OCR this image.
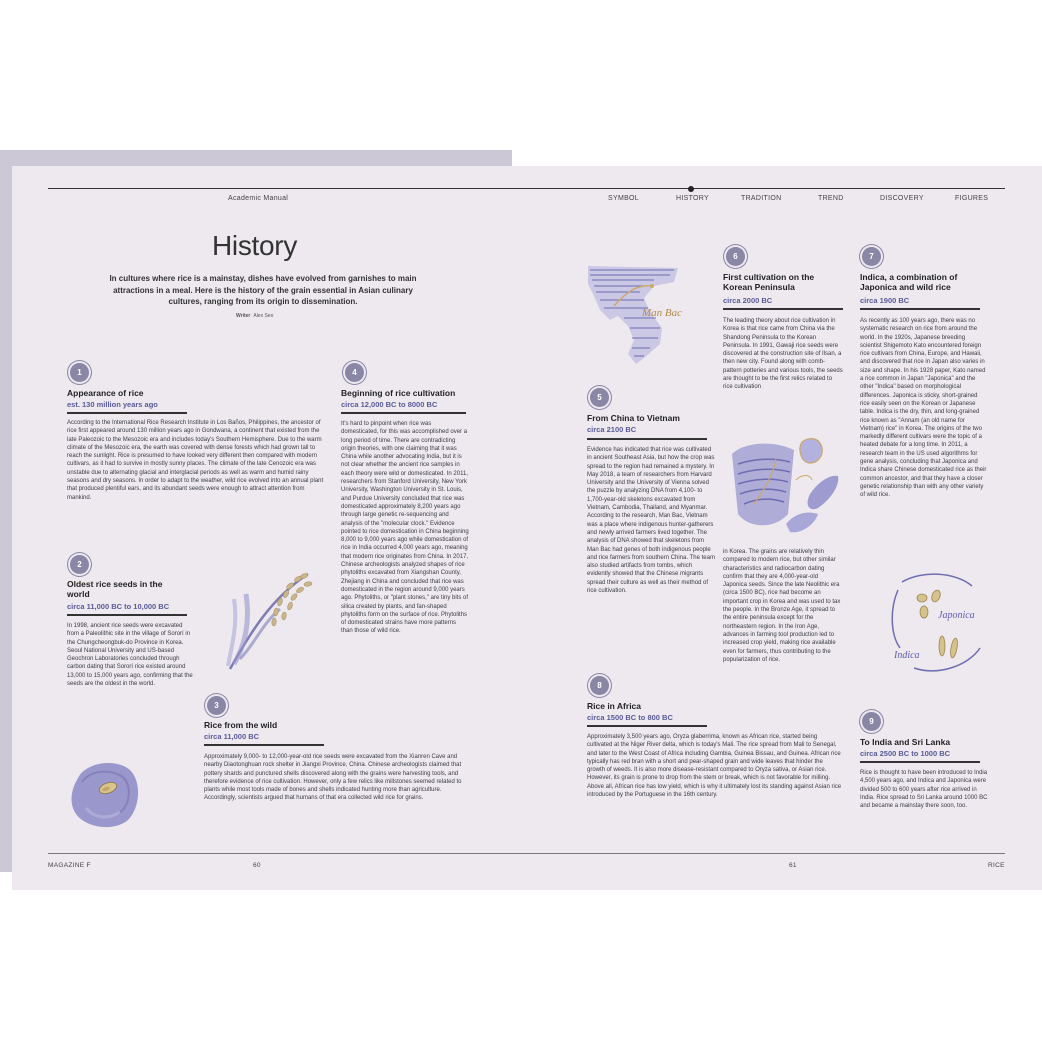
Academic Manual	SYMBOL	HISTORY	TRADITION	TREND	DISCOVERY	FIGURES
History
In cultures where rice is a mainstay, dishes have evolved from garnishes to main attractions in a meal. Here is the history of the grain essential in Asian culinary cultures, ranging from its origin to dissemination.
Writer Alex Seo
1
Appearance of rice
est. 130 million years ago
According to the International Rice Research Institute in Los Baños, Philippines, the ancestor of rice first appeared around 130 million years ago in Gondwana, a continent that existed from the late Paleozoic to the Mesozoic era and includes today's Southern Hemisphere. Due to the warm climate of the Mesozoic era, the earth was covered with dense forests which had grown tall to reach the sunlight. Rice is presumed to have looked very different then compared with modern cultivars, as it had to survive in mostly sunny places. The climate of the late Cenozoic era was unstable due to alternating glacial and interglacial periods as well as warm and humid rainy seasons and dry seasons. In order to adapt to the weather, wild rice evolved into an annual plant that produced plentiful ears, and its abundant seeds were enough to attract attention from mankind.
2
Oldest rice seeds in the world
circa 11,000 BC to 10,000 BC
In 1998, ancient rice seeds were excavated from a Paleolithic site in the village of Sororí in the Chungcheongbuk-do Province in Korea. Seoul National University and US-based Geochron Laboratories concluded through carbon dating that Sororí rice existed around 13,000 to 15,000 years ago, confirming that the seeds are the oldest in the world.
3
Rice from the wild
circa 11,000 BC
Approximately 9,000- to 12,000-year-old rice seeds were excavated from the Xianren Cave and nearby Diaotonghuan rock shelter in Jiangxi Province, China. Chinese archeologists claimed that pottery shards and punctured shells discovered along with the grains were harvesting tools, and therefore evidence of rice cultivation. However, only a few relics like millstones seemed related to plants while most tools made of bones and shells indicated hunting more than agriculture. Accordingly, scientists argued that humans of that era collected wild rice for grains.
4
Beginning of rice cultivation
circa 12,000 BC to 8000 BC
It's hard to pinpoint when rice was domesticated, for this was accomplished over a long period of time. There are contradicting origin theories, with one claiming that it was China while another advocating India, but it is not clear whether the ancient rice samples in each theory were wild or domesticated. In 2011, researchers from Stanford University, New York University, Washington University in St. Louis, and Purdue University concluded that rice was domesticated approximately 8,200 years ago through large genetic re-sequencing and analysis of the "molecular clock." Evidence pointed to rice domestication in China beginning 8,000 to 9,000 years ago while domestication of rice in India occurred 4,000 years ago, meaning that modern rice originates from China. In 2017, Chinese archeologists analyzed shapes of rice phytoliths excavated from Xiangshan County, Zhejiang in China and concluded that rice was domesticated in the region around 9,000 years ago. Phytoliths, or "plant stones," are tiny bits of silica created by plants, and fan-shaped phytoliths form on the surface of rice. Phytoliths of domesticated strains have more patterns than those of wild rice.
5
From China to Vietnam
circa 2100 BC
Evidence has indicated that rice was cultivated in ancient Southeast Asia, but how the crop was spread to the region had remained a mystery. In May 2018, a team of researchers from Harvard University and the University of Vienna solved the puzzle by analyzing DNA from 4,100- to 1,700-year-old skeletons excavated from Vietnam, Cambodia, Thailand, and Myanmar. According to the research, Man Bac, Vietnam was a place where indigenous hunter-gatherers and newly arrived farmers lived together. The analysis of DNA showed that skeletons from Man Bac had genes of both indigenous people and rice farmers from southern China. The team also studied artifacts from tombs, which evidently showed that the Chinese migrants spread their culture as well as their method of rice cultivation.
6
First cultivation on the Korean Peninsula
circa 2000 BC
The leading theory about rice cultivation in Korea is that rice came from China via the Shandong Peninsula to the Korean Peninsula. In 1991, Gawaji rice seeds were discovered at the construction site of Ilsan, a then new city. Found along with comb-pattern potteries and various tools, the seeds are thought to be the first relics related to rice cultivation
in Korea. The grains are relatively thin compared to modern rice, but other similar characteristics and radiocarbon dating confirm that they are 4,000-year-old Japonica seeds. Since the late Neolithic era (circa 1500 BC), rice had become an important crop in Korea and was used to tax the people. In the Bronze Age, it spread to the entire peninsula except for the northeastern region. In the Iron Age, advances in farming tool production led to increased crop yield, making rice available even for farmers, thus contributing to the popularization of rice.
7
Indica, a combination of Japonica and wild rice
circa 1900 BC
As recently as 100 years ago, there was no systematic research on rice from around the world. In the 1920s, Japanese breeding scientist Shigemoto Kato encountered foreign rice cultivars from China, Europe, and Hawaii, and discovered that rice in Japan also varies in size and shape. In his 1928 paper, Kato named a rice common in Japan "Japonica" and the other "Indica" based on morphological differences. Japonica is sticky, short-grained rice easily seen on the Korean or Japanese table. Indica is the dry, thin, and long-grained rice known as "Annam (an old name for Vietnam) rice" in Korea. The origins of the two markedly different cultivars were the topic of a heated debate for a long time. In 2011, a research team in the US used algorithms for gene analysis, concluding that Japonica and Indica share Chinese domesticated rice as their common ancestor, and that they have a closer genetic relationship than with any other variety of wild rice.
8
Rice in Africa
circa 1500 BC to 800 BC
Approximately 3,500 years ago, Oryza glaberrima, known as African rice, started being cultivated at the Niger River delta, which is today's Mali. The rice spread from Mali to Senegal, and later to the West Coast of Africa including Gambia, Guinea Bissau, and Guinea. African rice typically has red bran with a short and pear-shaped grain and wide leaves that hinder the growth of weeds. It is also more disease-resistant compared to Oryza sativa, or Asian rice. However, its grain is prone to drop from the stem or break, which is not favorable for milling. Above all, African rice has low yield, which is why it ultimately lost its standing against Asian rice introduced by the Portuguese in the 16th century.
9
To India and Sri Lanka
circa 2500 BC to 1000 BC
Rice is thought to have been introduced to India 4,500 years ago, and Indica and Japonica were divided 500 to 600 years after rice arrived in India. Rice spread to Sri Lanka around 1000 BC and became a mainstay there soon, too.
Man Bac
Japonica
Indica
MAGAZINE F	60	61	RICE
